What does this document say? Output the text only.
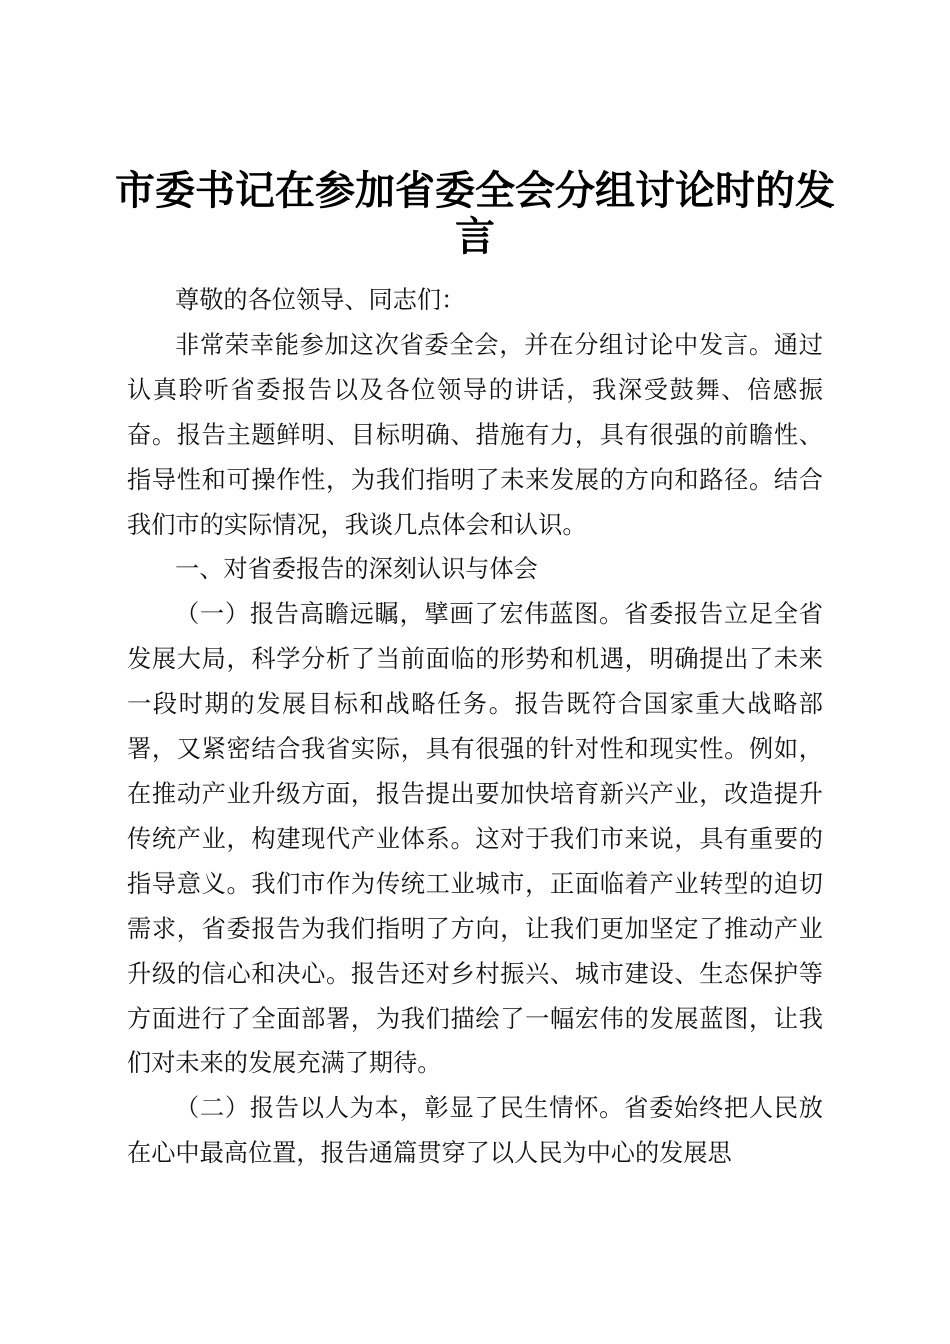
市委书记在参加省委全会分组讨论时的发言

尊敬的各位领导、同志们：

非常荣幸能参加这次省委全会，并在分组讨论中发言。通过认真聆听省委报告以及各位领导的讲话，我深受鼓舞、倍感振奋。报告主题鲜明、目标明确、措施有力，具有很强的前瞻性、指导性和可操作性，为我们指明了未来发展的方向和路径。结合我们市的实际情况，我谈几点体会和认识。

一、对省委报告的深刻认识与体会

（一）报告高瞻远瞩，擘画了宏伟蓝图。省委报告立足全省发展大局，科学分析了当前面临的形势和机遇，明确提出了未来一段时期的发展目标和战略任务。报告既符合国家重大战略部署，又紧密结合我省实际，具有很强的针对性和现实性。例如，在推动产业升级方面，报告提出要加快培育新兴产业，改造提升传统产业，构建现代产业体系。这对于我们市来说，具有重要的指导意义。我们市作为传统工业城市，正面临着产业转型的迫切需求，省委报告为我们指明了方向，让我们更加坚定了推动产业升级的信心和决心。报告还对乡村振兴、城市建设、生态保护等方面进行了全面部署，为我们描绘了一幅宏伟的发展蓝图，让我们对未来的发展充满了期待。

（二）报告以人为本，彰显了民生情怀。省委始终把人民放在心中最高位置，报告通篇贯穿了以人民为中心的发展思
